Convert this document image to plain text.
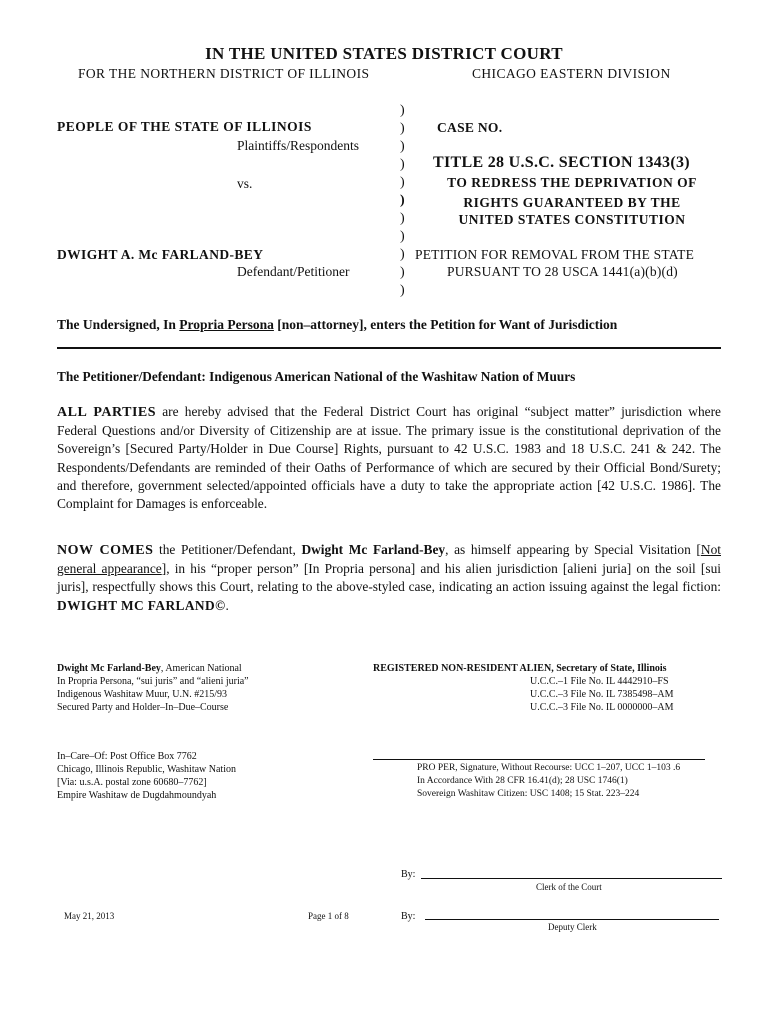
IN THE UNITED STATES DISTRICT COURT
FOR THE NORTHERN DISTRICT OF ILLINOIS	CHICAGO EASTERN DIVISION
)
)
)
)
)
)
)
)
)
)
)
PEOPLE OF THE STATE OF ILLINOIS
Plaintiffs/Respondents
vs.
DWIGHT A. Mc FARLAND-BEY
Defendant/Petitioner
CASE NO.
TITLE 28 U.S.C. SECTION 1343(3)
TO REDRESS THE DEPRIVATION OF
RIGHTS GUARANTEED BY THE
UNITED STATES CONSTITUTION
PETITION FOR REMOVAL FROM THE STATE
PURSUANT TO 28 USCA 1441(a)(b)(d)
The Undersigned, In Propria Persona [non–attorney], enters the Petition for Want of Jurisdiction
The Petitioner/Defendant: Indigenous American National of the Washitaw Nation of Muurs
ALL PARTIES are hereby advised that the Federal District Court has original “subject matter” jurisdiction where Federal Questions and/or Diversity of Citizenship are at issue. The primary issue is the constitutional deprivation of the Sovereign’s [Secured Party/Holder in Due Course] Rights, pursuant to 42 U.S.C. 1983 and 18 U.S.C. 241 & 242. The Respondents/Defendants are reminded of their Oaths of Performance of which are secured by their Official Bond/Surety; and therefore, government selected/appointed officials have a duty to take the appropriate action [42 U.S.C. 1986]. The Complaint for Damages is enforceable.
NOW COMES the Petitioner/Defendant, Dwight Mc Farland-Bey, as himself appearing by Special Visitation [Not general appearance], in his “proper person” [In Propria persona] and his alien jurisdiction [alieni juria] on the soil [sui juris], respectfully shows this Court, relating to the above-styled case, indicating an action issuing against the legal fiction: DWIGHT MC FARLAND©.
Dwight Mc Farland-Bey, American National
In Propria Persona, “sui juris” and “alieni juria”
Indigenous Washitaw Muur, U.N. #215/93
Secured Party and Holder–In–Due–Course
REGISTERED NON-RESIDENT ALIEN, Secretary of State, Illinois
U.C.C.–1 File No. IL 4442910–FS
U.C.C.–3 File No. IL 7385498–AM
U.C.C.–3 File No. IL 0000000–AM
In–Care–Of: Post Office Box 7762
Chicago, Illinois Republic, Washitaw Nation
[Via: u.s.A. postal zone 60680–7762]
Empire Washitaw de Dugdahmoundyah
PRO PER, Signature, Without Recourse: UCC 1–207, UCC 1–103 .6
In Accordance With 28 CFR 16.41(d); 28 USC 1746(1)
Sovereign Washitaw Citizen: USC 1408; 15 Stat. 223–224
By:
Clerk of the Court
By:
Deputy Clerk
May 21, 2013	Page 1 of 8
